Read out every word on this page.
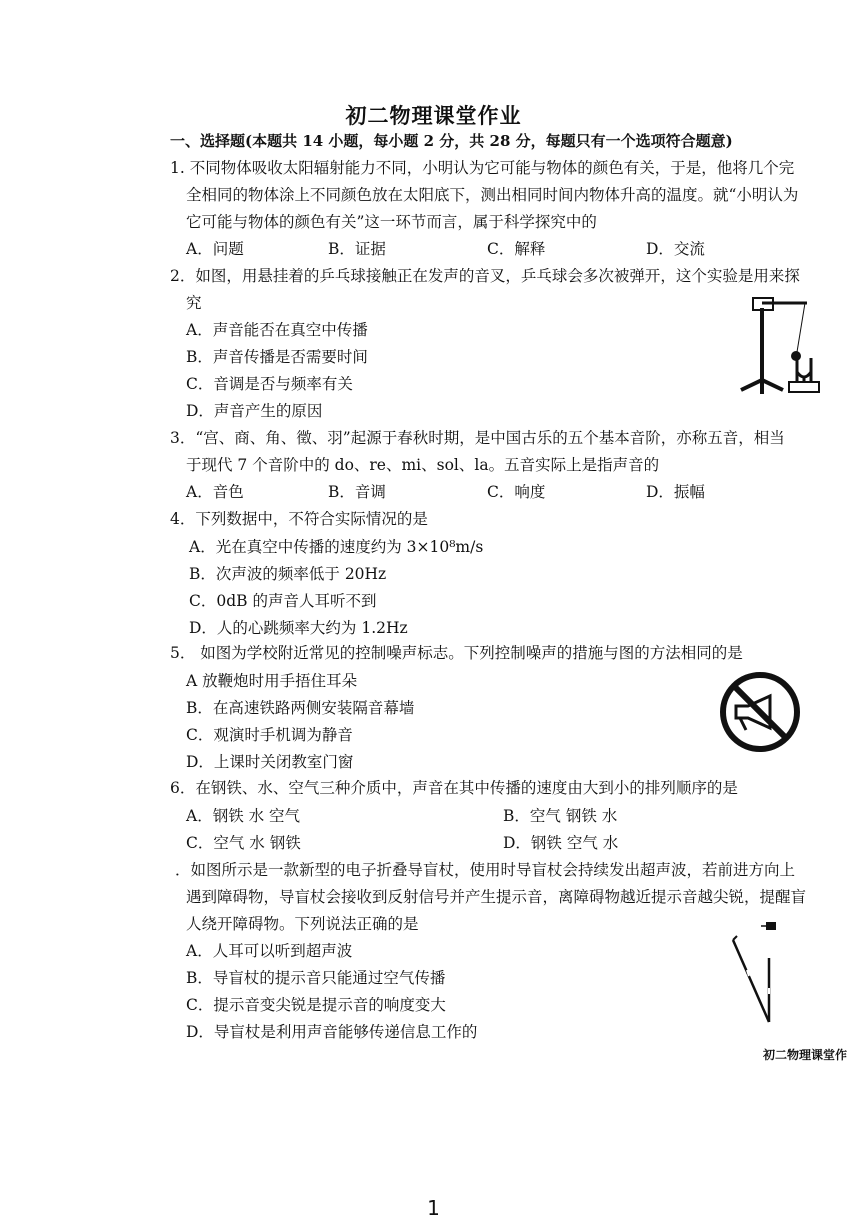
初二物理课堂作业
一、选择题(本题共 14 小题，每小题 2 分，共 28 分，每题只有一个选项符合题意)
1. 不同物体吸收太阳辐射能力不同，小明认为它可能与物体的颜色有关，于是，他将几个完
全相同的物体涂上不同颜色放在太阳底下，测出相同时间内物体升高的温度。就“小明认为
它可能与物体的颜色有关”这一环节而言，属于科学探究中的
A．问题	B．证据	C．解释	D．交流
2．如图，用悬挂着的乒乓球接触正在发声的音叉，乒乓球会多次被弹开，这个实验是用来探
究
A．声音能否在真空中传播
B．声音传播是否需要时间
C．音调是否与频率有关
D．声音产生的原因
3．“宫、商、角、徵、羽”起源于春秋时期，是中国古乐的五个基本音阶，亦称五音，相当
于现代 7 个音阶中的 do、re、mi、sol、la。五音实际上是指声音的
A．音色	B．音调	C．响度	D．振幅
4．下列数据中，不符合实际情况的是
A．光在真空中传播的速度约为 3×10⁸m/s
B．次声波的频率低于 20Hz
C．0dB 的声音人耳听不到
D．人的心跳频率大约为 1.2Hz
5． 如图为学校附近常见的控制噪声标志。下列控制噪声的措施与图的方法相同的是
A 放鞭炮时用手捂住耳朵
B．在高速铁路两侧安装隔音幕墙
C．观演时手机调为静音
D．上课时关闭教室门窗
6．在钢铁、水、空气三种介质中，声音在其中传播的速度由大到小的排列顺序的是
A．钢铁 水 空气	B．空气 钢铁 水
C．空气 水 钢铁	D．钢铁 空气 水
．如图所示是一款新型的电子折叠导盲杖，使用时导盲杖会持续发出超声波，若前进方向上
遇到障碍物，导盲杖会接收到反射信号并产生提示音，离障碍物越近提示音越尖锐，提醒盲
人绕开障碍物。下列说法正确的是
A．人耳可以听到超声波
B．导盲杖的提示音只能通过空气传播
C．提示音变尖锐是提示音的响度变大
D．导盲杖是利用声音能够传递信息工作的
初二物理课堂作
1
